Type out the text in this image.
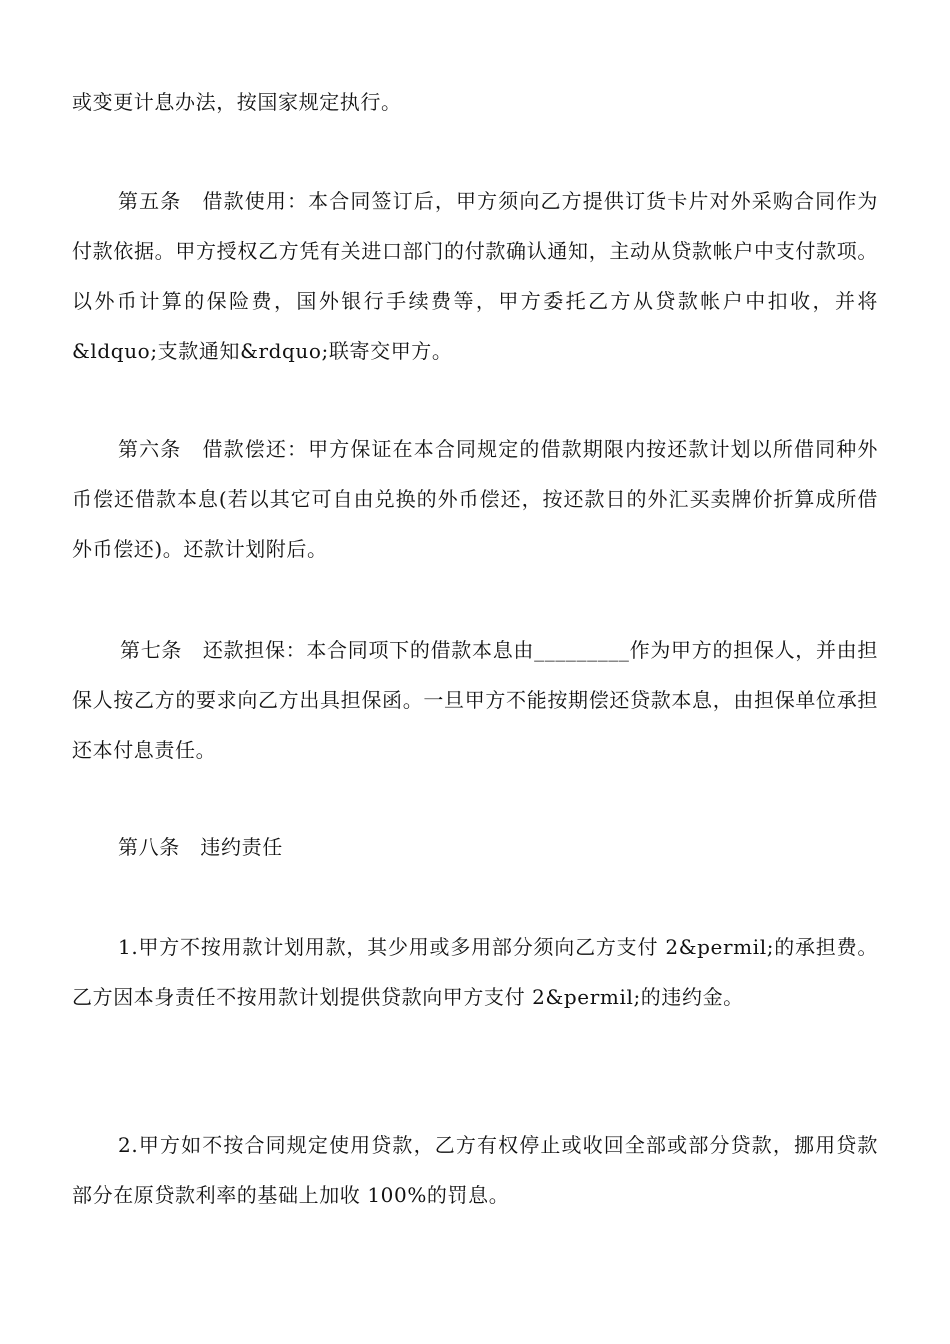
或变更计息办法，按国家规定执行。

第五条　借款使用：本合同签订后，甲方须向乙方提供订货卡片对外采购合同作为付款依据。甲方授权乙方凭有关进口部门的付款确认通知，主动从贷款帐户中支付款项。以外币计算的保险费，国外银行手续费等，甲方委托乙方从贷款帐户中扣收，并将&ldquo;支款通知&rdquo;联寄交甲方。

第六条　借款偿还：甲方保证在本合同规定的借款期限内按还款计划以所借同种外币偿还借款本息(若以其它可自由兑换的外币偿还，按还款日的外汇买卖牌价折算成所借外币偿还)。还款计划附后。

第七条　还款担保：本合同项下的借款本息由_________作为甲方的担保人，并由担保人按乙方的要求向乙方出具担保函。一旦甲方不能按期偿还贷款本息，由担保单位承担还本付息责任。

第八条　违约责任

1.甲方不按用款计划用款，其少用或多用部分须向乙方支付 2&permil;的承担费。乙方因本身责任不按用款计划提供贷款向甲方支付 2&permil;的违约金。

2.甲方如不按合同规定使用贷款，乙方有权停止或收回全部或部分贷款，挪用贷款部分在原贷款利率的基础上加收 100%的罚息。
